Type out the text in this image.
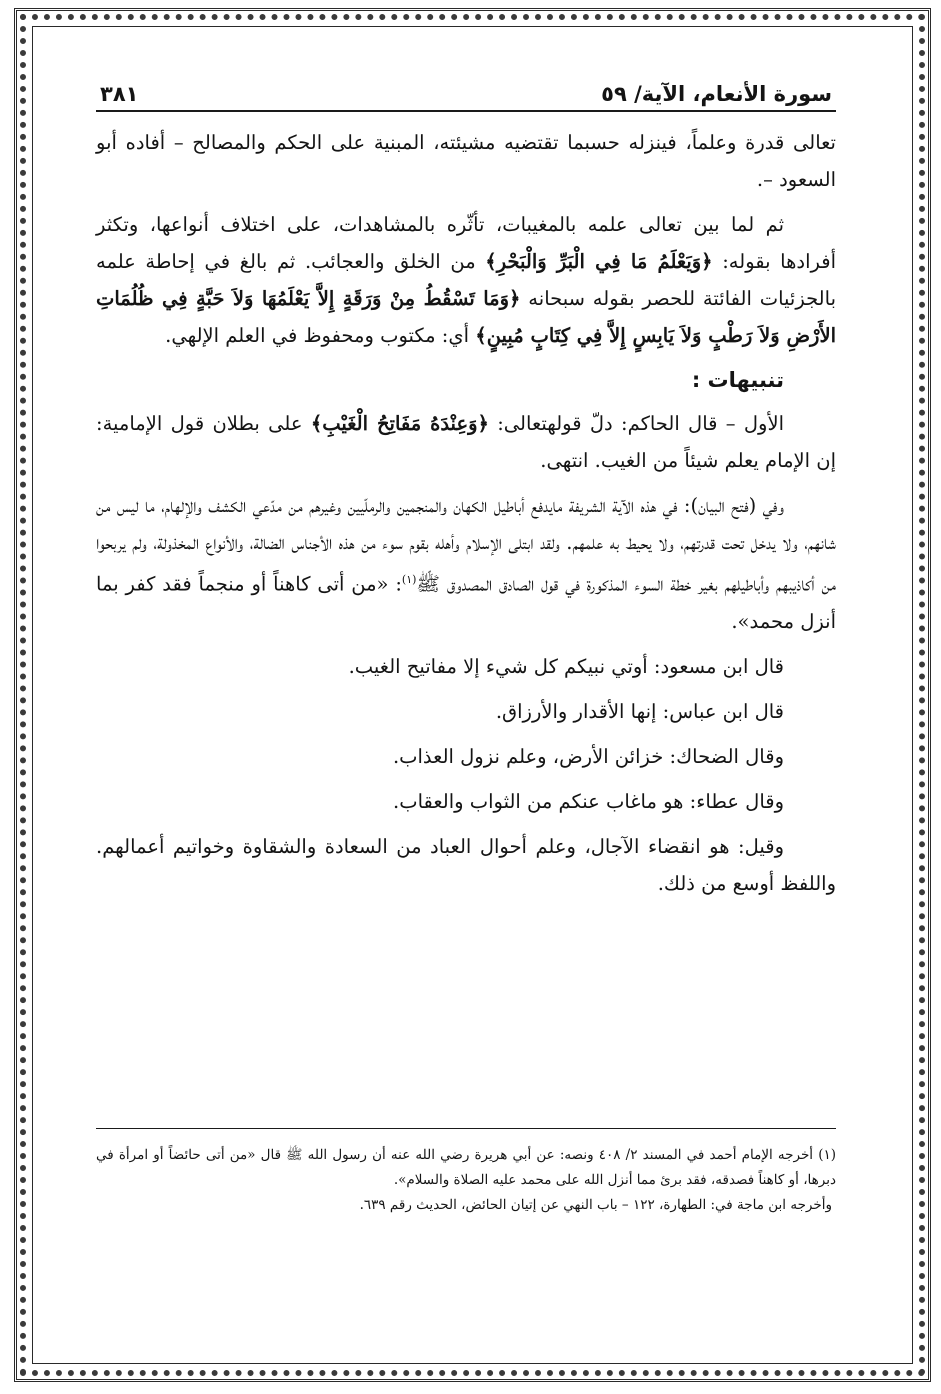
سورة الأنعام، الآية/ ٥٩
٣٨١

تعالى قدرة وعلماً، فينزله حسبما تقتضيه مشيئته، المبنية على الحكم والمصالح – أفاده أبو السعود –.

ثم لما بين تعالى علمه بالمغيبات، تأثّره بالمشاهدات، على اختلاف أنواعها، وتكثر أفرادها بقوله: ﴿وَيَعْلَمُ مَا فِي الْبَرِّ وَالْبَحْرِ﴾ من الخلق والعجائب. ثم بالغ في إحاطة علمه بالجزئيات الفائتة للحصر بقوله سبحانه ﴿وَمَا تَسْقُطُ مِنْ وَرَقَةٍ إِلاَّ يَعْلَمُهَا وَلاَ حَبَّةٍ فِي ظُلُمَاتِ الأَرْضِ وَلاَ رَطْبٍ وَلاَ يَابِسٍ إِلاَّ فِي كِتَابٍ مُبِينٍ﴾ أي: مكتوب ومحفوظ في العلم الإلهي.

تنبيهات :

الأول – قال الحاكم: دلّ قولهتعالى: ﴿وَعِنْدَهُ مَفَاتِحُ الْغَيْبِ﴾ على بطلان قول الإمامية: إن الإمام يعلم شيئاً من الغيب. انتهى.

وفي (فتح البيان): في هذه الآية الشريفة مايدفع أباطيل الكهان والمنجمين والرملّيين وغيرهم من مدّعي الكشف والإلهام، ما ليس من شانهم، ولا يدخل تحت قدرتهم، ولا يحيط به علمهم. ولقد ابتلى الإسلام وأهله بقوم سوء من هذه الأجناس الضالة، والأنواع المخذولة، ولم يربحوا من أكاذيبهم وأباطيلهم بغير خطة السوء المذكورة في قول الصادق المصدوق ﷺ$^{(١)}$: «من أتى كاهناً أو منجماً فقد كفر بما أنزل محمد».

قال ابن مسعود: أوتي نبيكم كل شيء إلا مفاتيح الغيب.

قال ابن عباس: إنها الأقدار والأرزاق.

وقال الضحاك: خزائن الأرض، وعلم نزول العذاب.

وقال عطاء: هو ماغاب عنكم من الثواب والعقاب.

وقيل: هو انقضاء الآجال، وعلم أحوال العباد من السعادة والشقاوة وخواتيم أعمالهم. واللفظ أوسع من ذلك.

(١) أخرجه الإمام أحمد في المسند ٢/ ٤٠٨ ونصه: عن أبي هريرة رضي الله عنه أن رسول الله ﷺ قال «من أتى حائضاً أو امرأة في دبرها، أو كاهناً فصدقه، فقد برئ مما أنزل الله على محمد عليه الصلاة والسلام».

وأخرجه ابن ماجة في: الطهارة، ١٢٢ – باب النهي عن إتيان الحائض، الحديث رقم ٦٣٩.
